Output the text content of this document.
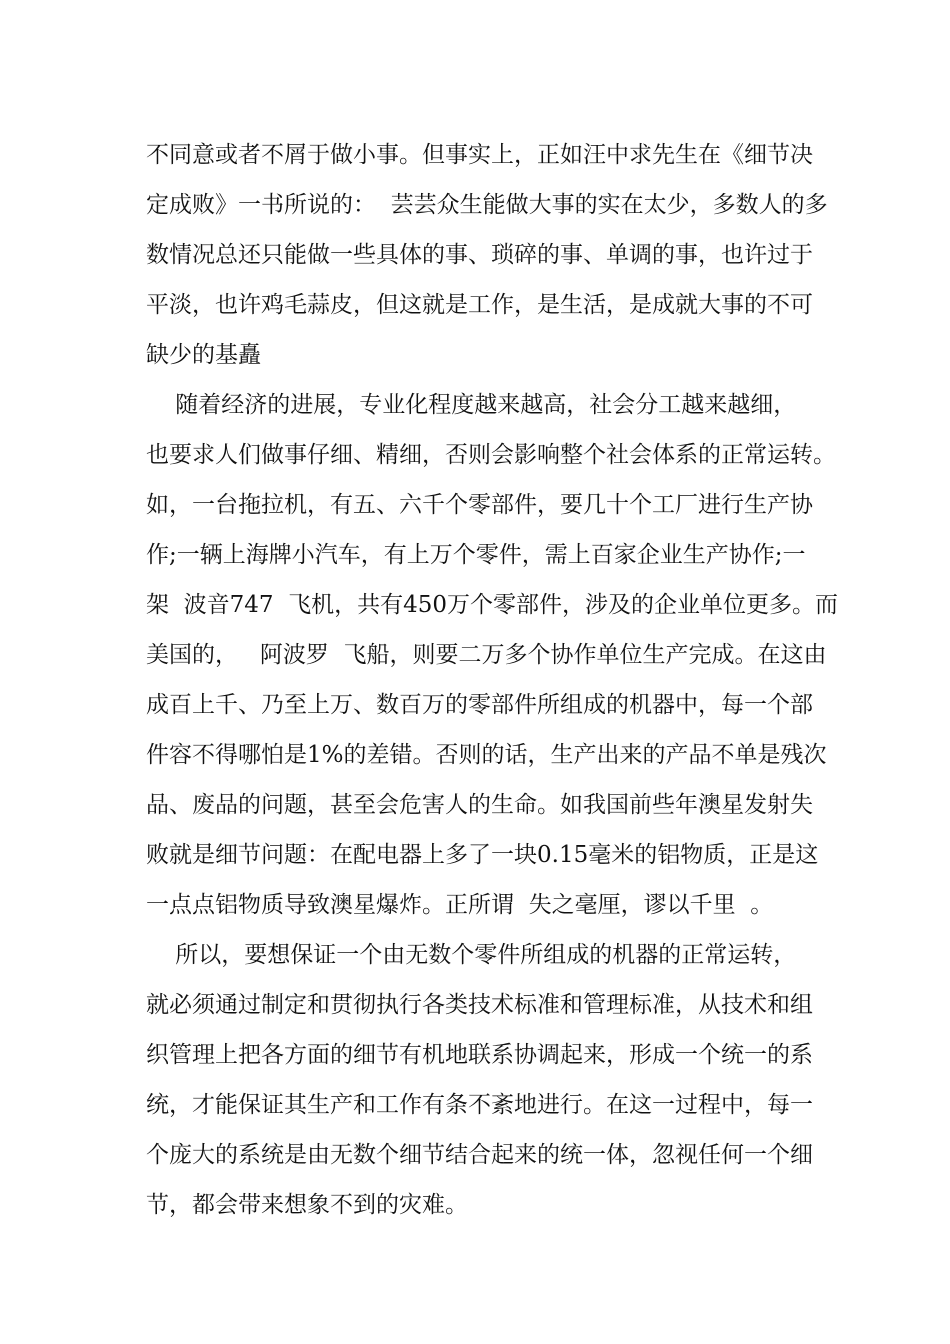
不同意或者不屑于做小事。但事实上，正如汪中求先生在《细节决
定成败》一书所说的：  芸芸众生能做大事的实在太少，多数人的多
数情况总还只能做一些具体的事、琐碎的事、单调的事，也许过于
平淡，也许鸡毛蒜皮，但这就是工作，是生活，是成就大事的不可
缺少的基矗
随着经济的进展，专业化程度越来越高，社会分工越来越细，
也要求人们做事仔细、精细，否则会影响整个社会体系的正常运转。
如，一台拖拉机，有五、六千个零部件，要几十个工厂进行生产协
作;一辆上海牌小汽车，有上万个零件，需上百家企业生产协作;一
架  波音747  飞机，共有450万个零部件，涉及的企业单位更多。而
美国的，   阿波罗  飞船，则要二万多个协作单位生产完成。在这由
成百上千、乃至上万、数百万的零部件所组成的机器中，每一个部
件容不得哪怕是1%的差错。否则的话，生产出来的产品不单是残次
品、废品的问题，甚至会危害人的生命。如我国前些年澳星发射失
败就是细节问题：在配电器上多了一块0.15毫米的铝物质，正是这
一点点铝物质导致澳星爆炸。正所谓  失之毫厘，谬以千里  。
所以，要想保证一个由无数个零件所组成的机器的正常运转，
就必须通过制定和贯彻执行各类技术标准和管理标准，从技术和组
织管理上把各方面的细节有机地联系协调起来，形成一个统一的系
统，才能保证其生产和工作有条不紊地进行。在这一过程中，每一
个庞大的系统是由无数个细节结合起来的统一体，忽视任何一个细
节，都会带来想象不到的灾难。
